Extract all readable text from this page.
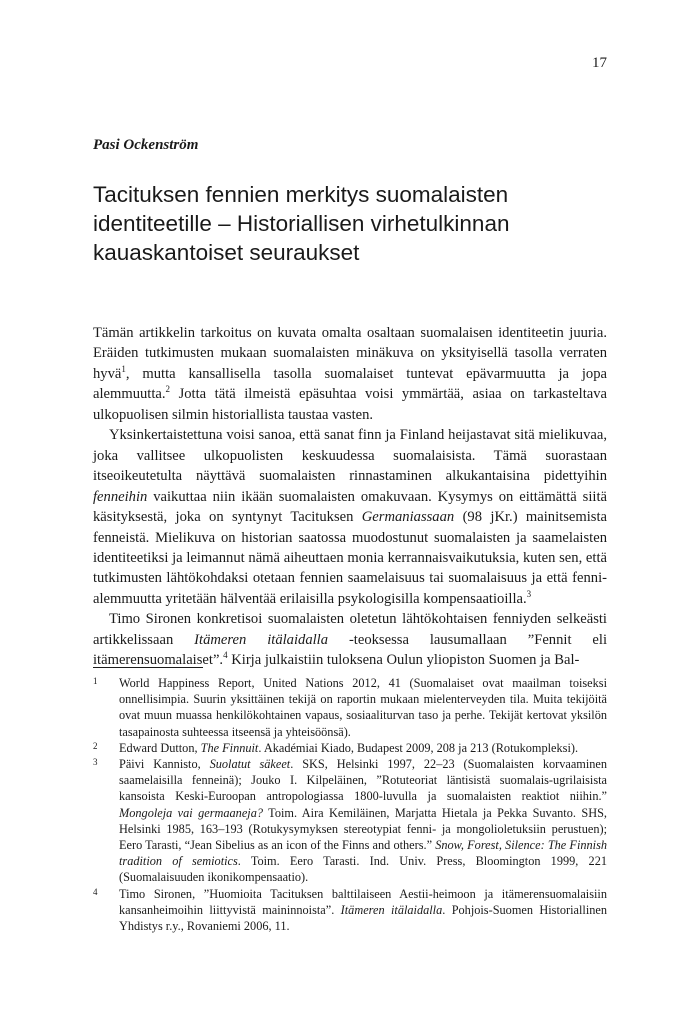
17
Pasi Ockenström
Tacituksen fennien merkitys suomalaisten identiteetille – Historiallisen virhetulkinnan kauaskantoiset seuraukset

Tämän artikkelin tarkoitus on kuvata omalta osaltaan suomalaisen identiteetin juuria. Eräiden tutkimusten mukaan suomalaisten minäkuva on yksityisellä tasolla verraten hyvä$^1$, mutta kansallisella tasolla suomalaiset tuntevat epävarmuutta ja jopa alemmuutta.$^2$ Jotta tätä ilmeistä epäsuhtaa voisi ymmärtää, asiaa on tarkasteltava ulkopuolisen silmin historiallista taustaa vasten.

Yksinkertaistettuna voisi sanoa, että sanat finn ja Finland heijastavat sitä mielikuvaa, joka vallitsee ulkopuolisten keskuudessa suomalaisista. Tämä suorastaan itseoikeutetulta näyttävä suomalaisten rinnastaminen alkukantaisina pidettyihin fenneihin vaikuttaa niin ikään suomalaisten omakuvaan. Kysymys on eittämättä siitä käsityksestä, joka on syntynyt Tacituksen Germaniassaan (98 jKr.) mainitsemista fenneistä. Mielikuva on historian saatossa muodostunut suomalaisten ja saamelaisten identiteetiksi ja leimannut nämä aiheuttaen monia kerrannaisvaikutuksia, kuten sen, että tutkimusten lähtökohdaksi otetaan fennien saamelaisuus tai suomalaisuus ja että fenni-alemmuutta yritetään hälventää erilaisilla psykologisilla kompensaatioilla.$^3$

Timo Sironen konkretisoi suomalaisten oletetun lähtökohtaisen fenniyden selkeästi artikkelissaan Itämeren itälaidalla -teoksessa lausumallaan ”Fennit eli itämerensuomalaiset”.$^4$ Kirja julkaistiin tuloksena Oulun yliopiston Suomen ja Bal-

1 World Happiness Report, United Nations 2012, 41 (Suomalaiset ovat maailman toiseksi onnellisimpia. Suurin yksittäinen tekijä on raportin mukaan mielenterveyden tila. Muita tekijöitä ovat muun muassa henkilökohtainen vapaus, sosiaaliturvan taso ja perhe. Tekijät kertovat yksilön tasapainosta suhteessa itseensä ja yhteisöönsä).
2 Edward Dutton, The Finnuit. Akadémiai Kiado, Budapest 2009, 208 ja 213 (Rotukompleksi).
3 Päivi Kannisto, Suolatut säkeet. SKS, Helsinki 1997, 22–23 (Suomalaisten korvaaminen saamelaisilla fenneinä); Jouko I. Kilpeläinen, ”Rotuteoriat läntisistä suomalais-ugrilaisista kansoista Keski-Euroopan antropologiassa 1800-luvulla ja suomalaisten reaktiot niihin.” Mongoleja vai germaaneja? Toim. Aira Kemiläinen, Marjatta Hietala ja Pekka Suvanto. SHS, Helsinki 1985, 163–193 (Rotukysymyksen stereotypiat fenni- ja mongolioletuksiin perustuen); Eero Tarasti, “Jean Sibelius as an icon of the Finns and others.” Snow, Forest, Silence: The Finnish tradition of semiotics. Toim. Eero Tarasti. Ind. Univ. Press, Bloomington 1999, 221 (Suomalaisuuden ikonikompensaatio).
4 Timo Sironen, ”Huomioita Tacituksen balttilaiseen Aestii-heimoon ja itämerensuomalaisiin kansanheimoihin liittyvistä maininnoista”. Itämeren itälaidalla. Pohjois-Suomen Historiallinen Yhdistys r.y., Rovaniemi 2006, 11.
